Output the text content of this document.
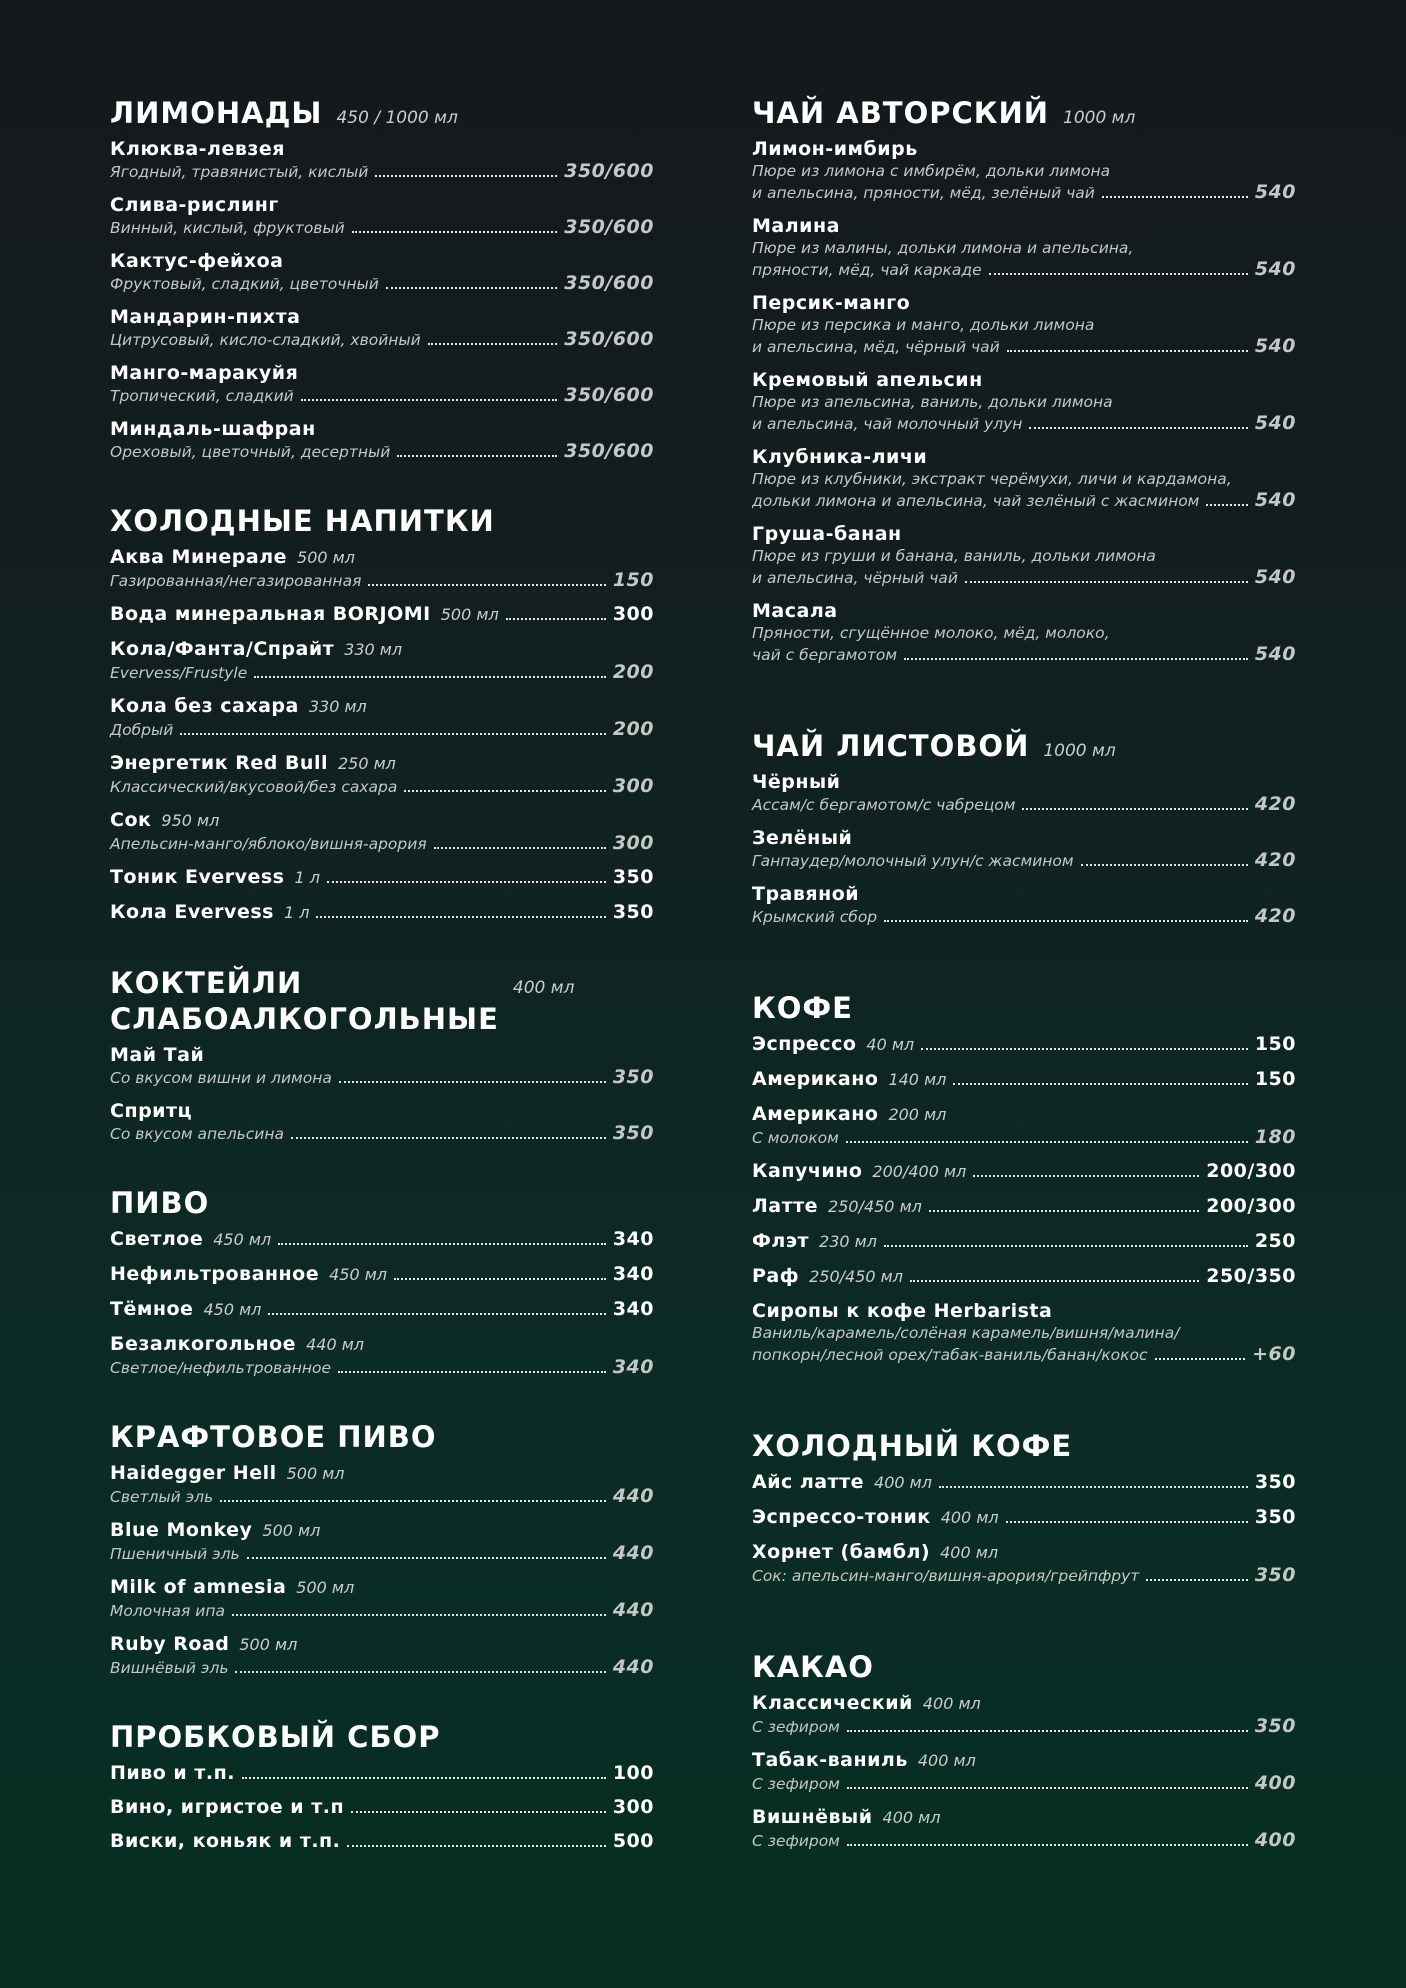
ЛИМОНАДЫ 450 / 1000 мл
Клюква-левзея
Ягодный, травянистый, кислый	350/600
Слива-рислинг
Винный, кислый, фруктовый	350/600
Кактус-фейхоа
Фруктовый, сладкий, цветочный	350/600
Мандарин-пихта
Цитрусовый, кисло-сладкий, хвойный	350/600
Манго-маракуйя
Тропический, сладкий	350/600
Миндаль-шафран
Ореховый, цветочный, десертный	350/600
ХОЛОДНЫЕ НАПИТКИ
Аква Минерале 500 мл
Газированная/негазированная	150
Вода минеральная BORJOMI 500 мл	300
Кола/Фанта/Спрайт 330 мл
Evervess/Frustyle	200
Кола без сахара 330 мл
Добрый	200
Энергетик Red Bull 250 мл
Классический/вкусовой/без сахара	300
Сок 950 мл
Апельсин-манго/яблоко/вишня-арория	300
Тоник Evervess 1 л	350
Кола Evervess 1 л	350
КОКТЕЙЛИ
СЛАБОАЛКОГОЛЬНЫЕ
400 мл
Май Тай
Со вкусом вишни и лимона	350
Спритц
Со вкусом апельсина	350
ПИВО
Светлое 450 мл	340
Нефильтрованное 450 мл	340
Тёмное 450 мл	340
Безалкогольное 440 мл
Светлое/нефильтрованное	340
КРАФТОВОЕ ПИВО
Haidegger Hell 500 мл
Светлый эль	440
Blue Monkey 500 мл
Пшеничный эль	440
Milk of amnesia 500 мл
Молочная ипа	440
Ruby Road 500 мл
Вишнёвый эль	440
ПРОБКОВЫЙ СБОР
Пиво и т.п.	100
Вино, игристое и т.п	300
Виски, коньяк и т.п.	500
ЧАЙ АВТОРСКИЙ 1000 мл
Лимон-имбирь
Пюре из лимона с имбирём, дольки лимона
и апельсина, пряности, мёд, зелёный чай	540
Малина
Пюре из малины, дольки лимона и апельсина,
пряности, мёд, чай каркаде	540
Персик-манго
Пюре из персика и манго, дольки лимона
и апельсина, мёд, чёрный чай	540
Кремовый апельсин
Пюре из апельсина, ваниль, дольки лимона
и апельсина, чай молочный улун	540
Клубника-личи
Пюре из клубники, экстракт черёмухи, личи и кардамона,
дольки лимона и апельсина, чай зелёный с жасмином	540
Груша-банан
Пюре из груши и банана, ваниль, дольки лимона
и апельсина, чёрный чай	540
Масала
Пряности, сгущённое молоко, мёд, молоко,
чай с бергамотом	540
ЧАЙ ЛИСТОВОЙ 1000 мл
Чёрный
Ассам/с бергамотом/с чабрецом	420
Зелёный
Ганпаудер/молочный улун/с жасмином	420
Травяной
Крымский сбор	420
КОФЕ
Эспрессо 40 мл	150
Американо 140 мл	150
Американо 200 мл
С молоком	180
Капучино 200/400 мл	200/300
Латте 250/450 мл	200/300
Флэт 230 мл	250
Раф 250/450 мл	250/350
Сиропы к кофе Herbarista
Ваниль/карамель/солёная карамель/вишня/малина/
попкорн/лесной орех/табак-ваниль/банан/кокос	+60
ХОЛОДНЫЙ КОФЕ
Айс латте 400 мл	350
Эспрессо-тоник 400 мл	350
Хорнет (бамбл) 400 мл
Сок: апельсин-манго/вишня-арория/грейпфрут	350
КАКАО
Классический 400 мл
С зефиром	350
Табак-ваниль 400 мл
С зефиром	400
Вишнёвый 400 мл
С зефиром	400
